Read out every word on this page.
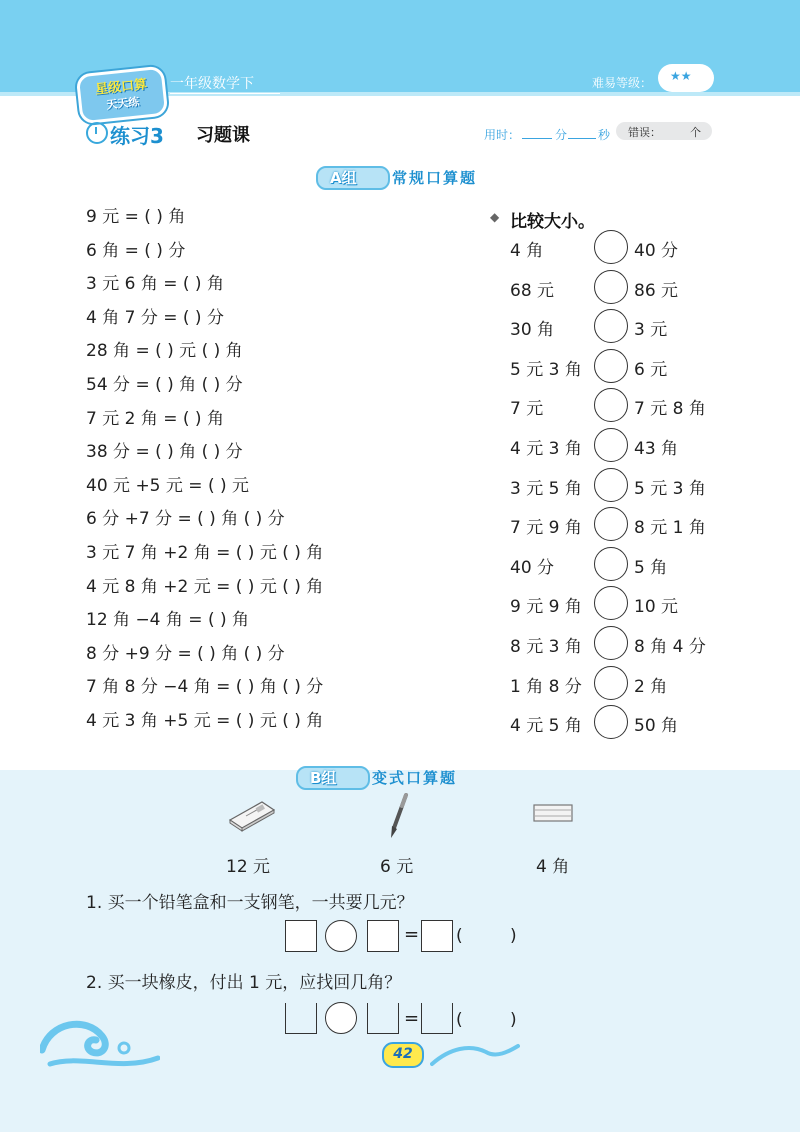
星级口算
天天练
一年级数学下	难易等级： ★★
练习3 习题课	用时：	分	秒 错误：	个
A组 常规口算题
9 元 = ( ) 角
6 角 = ( ) 分
3 元 6 角 = ( ) 角
4 角 7 分 = ( ) 分
28 角 = ( ) 元 ( ) 角
54 分 = ( ) 角 ( ) 分
7 元 2 角 = ( ) 角
38 分 = ( ) 角 ( ) 分
40 元 +5 元 = ( ) 元
6 分 +7 分 = ( ) 角 ( ) 分
3 元 7 角 +2 角 = ( ) 元 ( ) 角
4 元 8 角 +2 元 = ( ) 元 ( ) 角
12 角 −4 角 = ( ) 角
8 分 +9 分 = ( ) 角 ( ) 分
7 角 8 分 −4 角 = ( ) 角 ( ) 分
4 元 3 角 +5 元 = ( ) 元 ( ) 角
◆ 比较大小。
4 角	40 分
68 元	86 元
30 角	3 元
5 元 3 角	6 元
7 元	7 元 8 角
4 元 3 角	43 角
3 元 5 角	5 元 3 角
7 元 9 角	8 元 1 角
40 分	5 角
9 元 9 角	10 元
8 元 3 角	8 角 4 分
1 角 8 分	2 角
4 元 5 角	50 角
B组 变式口算题
12 元	6 元	4 角
1. 买一个铅笔盒和一支钢笔，一共要几元？
= (	)
2. 买一块橡皮，付出 1 元，应找回几角？
= (	)
42
